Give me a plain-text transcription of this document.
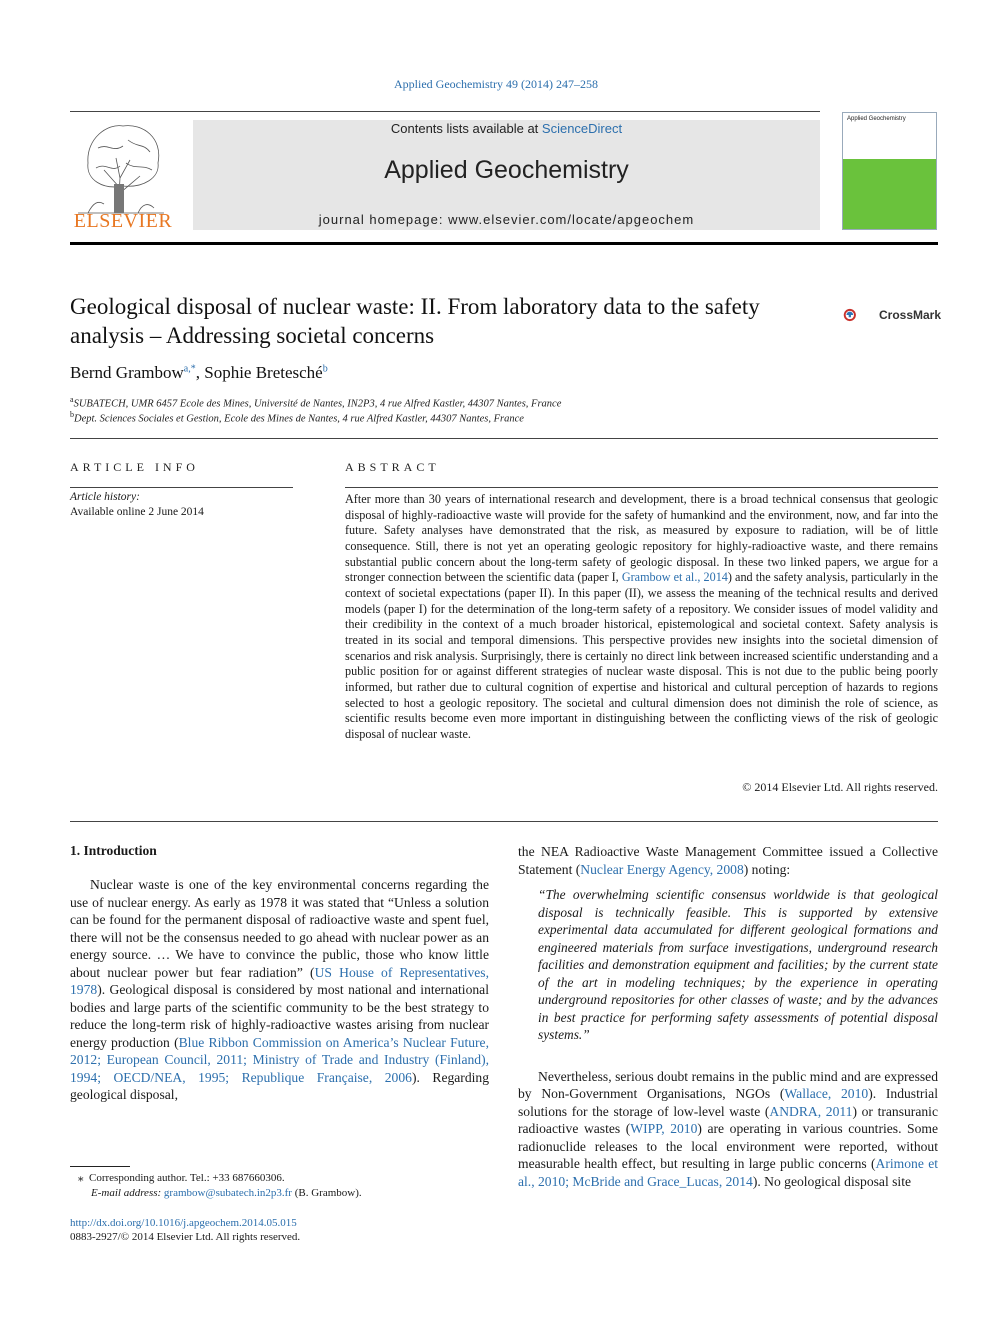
Applied Geochemistry 49 (2014) 247–258
ELSEVIER
Contents lists available at ScienceDirect
Applied Geochemistry
journal homepage: www.elsevier.com/locate/apgeochem
Applied Geochemistry
Geological disposal of nuclear waste: II. From laboratory data to the safety analysis – Addressing societal concerns
CrossMark
Bernd Grambow$^{a,*}$, Sophie Bretesché$^b$
$^a$SUBATECH, UMR 6457 Ecole des Mines, Université de Nantes, IN2P3, 4 rue Alfred Kastler, 44307 Nantes, France
$^b$Dept. Sciences Sociales et Gestion, Ecole des Mines de Nantes, 4 rue Alfred Kastler, 44307 Nantes, France
ARTICLE INFO
Article history:
Available online 2 June 2014
ABSTRACT
After more than 30 years of international research and development, there is a broad technical consensus that geologic disposal of highly-radioactive waste will provide for the safety of humankind and the environment, now, and far into the future. Safety analyses have demonstrated that the risk, as measured by exposure to radiation, will be of little consequence. Still, there is not yet an operating geologic repository for highly-radioactive waste, and there remains substantial public concern about the long-term safety of geologic disposal. In these two linked papers, we argue for a stronger connection between the scientific data (paper I, Grambow et al., 2014) and the safety analysis, particularly in the context of societal expectations (paper II). In this paper (II), we assess the meaning of the technical results and derived models (paper I) for the determination of the long-term safety of a repository. We consider issues of model validity and their credibility in the context of a much broader historical, epistemological and societal context. Safety analysis is treated in its social and temporal dimensions. This perspective provides new insights into the societal dimension of scenarios and risk analysis. Surprisingly, there is certainly no direct link between increased scientific understanding and a public position for or against different strategies of nuclear waste disposal. This is not due to the public being poorly informed, but rather due to cultural cognition of expertise and historical and cultural perception of hazards to regions selected to host a geologic repository. The societal and cultural dimension does not diminish the role of science, as scientific results become even more important in distinguishing between the conflicting views of the risk of geologic disposal of nuclear waste.
© 2014 Elsevier Ltd. All rights reserved.
1. Introduction

Nuclear waste is one of the key environmental concerns regarding the use of nuclear energy. As early as 1978 it was stated that “Unless a solution can be found for the permanent disposal of radioactive waste and spent fuel, there will not be the consensus needed to go ahead with nuclear power as an energy source. … We have to convince the public, those who know little about nuclear power but fear radiation” (US House of Representatives, 1978). Geological disposal is considered by most national and international bodies and large parts of the scientific community to be the best strategy to reduce the long-term risk of highly-radioactive wastes arising from nuclear energy production (Blue Ribbon Commission on America’s Nuclear Future, 2012; European Council, 2011; Ministry of Trade and Industry (Finland), 1994; OECD/NEA, 1995; Republique Française, 2006). Regarding geological disposal,

the NEA Radioactive Waste Management Committee issued a Collective Statement (Nuclear Energy Agency, 2008) noting:

“The overwhelming scientific consensus worldwide is that geological disposal is technically feasible. This is supported by extensive experimental data accumulated for different geological formations and engineered materials from surface investigations, underground research facilities and demonstration equipment and facilities; by the current state of the art in modeling techniques; by the experience in operating underground repositories for other classes of waste; and by the advances in best practice for performing safety assessments of potential disposal systems.”

Nevertheless, serious doubt remains in the public mind and are expressed by Non-Government Organisations, NGOs (Wallace, 2010). Industrial solutions for the storage of low-level waste (ANDRA, 2011) or transuranic radioactive wastes (WIPP, 2010) are operating in various countries. Some radionuclide releases to the local environment were reported, without measurable health effect, but resulting in large public concerns (Arimone et al., 2010; McBride and Grace_Lucas, 2014). No geological disposal site

⁎  Corresponding author. Tel.: +33 687660306.
E-mail address: grambow@subatech.in2p3.fr (B. Grambow).
http://dx.doi.org/10.1016/j.apgeochem.2014.05.015
0883-2927/© 2014 Elsevier Ltd. All rights reserved.
